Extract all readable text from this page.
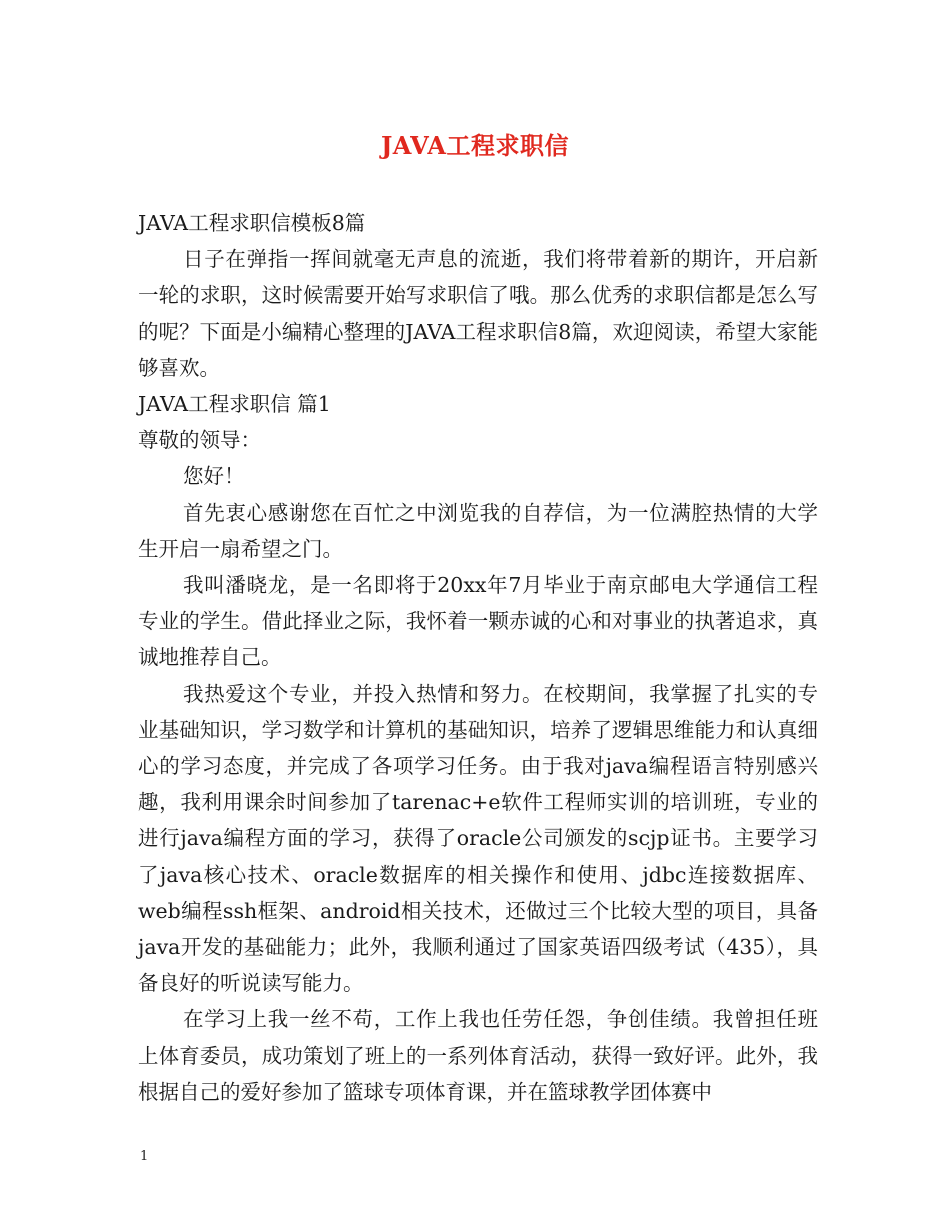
JAVA工程求职信

JAVA工程求职信模板8篇

日子在弹指一挥间就毫无声息的流逝，我们将带着新的期许，开启新一轮的求职，这时候需要开始写求职信了哦。那么优秀的求职信都是怎么写的呢？下面是小编精心整理的JAVA工程求职信8篇，欢迎阅读，希望大家能够喜欢。

JAVA工程求职信 篇1

尊敬的领导：

您好！

首先衷心感谢您在百忙之中浏览我的自荐信，为一位满腔热情的大学生开启一扇希望之门。

我叫潘晓龙，是一名即将于20xx年7月毕业于南京邮电大学通信工程专业的学生。借此择业之际，我怀着一颗赤诚的心和对事业的执著追求，真诚地推荐自己。

我热爱这个专业，并投入热情和努力。在校期间，我掌握了扎实的专业基础知识，学习数学和计算机的基础知识，培养了逻辑思维能力和认真细心的学习态度，并完成了各项学习任务。由于我对java编程语言特别感兴趣，我利用课余时间参加了tarenac+e软件工程师实训的培训班，专业的进行java编程方面的学习，获得了oracle公司颁发的scjp证书。主要学习了java核心技术、oracle数据库的相关操作和使用、jdbc连接数据库、web编程ssh框架、android相关技术，还做过三个比较大型的项目，具备java开发的基础能力；此外，我顺利通过了国家英语四级考试（435），具备良好的听说读写能力。

在学习上我一丝不苟，工作上我也任劳任怨，争创佳绩。我曾担任班上体育委员，成功策划了班上的一系列体育活动，获得一致好评。此外，我根据自己的爱好参加了篮球专项体育课，并在篮球教学团体赛中

1
